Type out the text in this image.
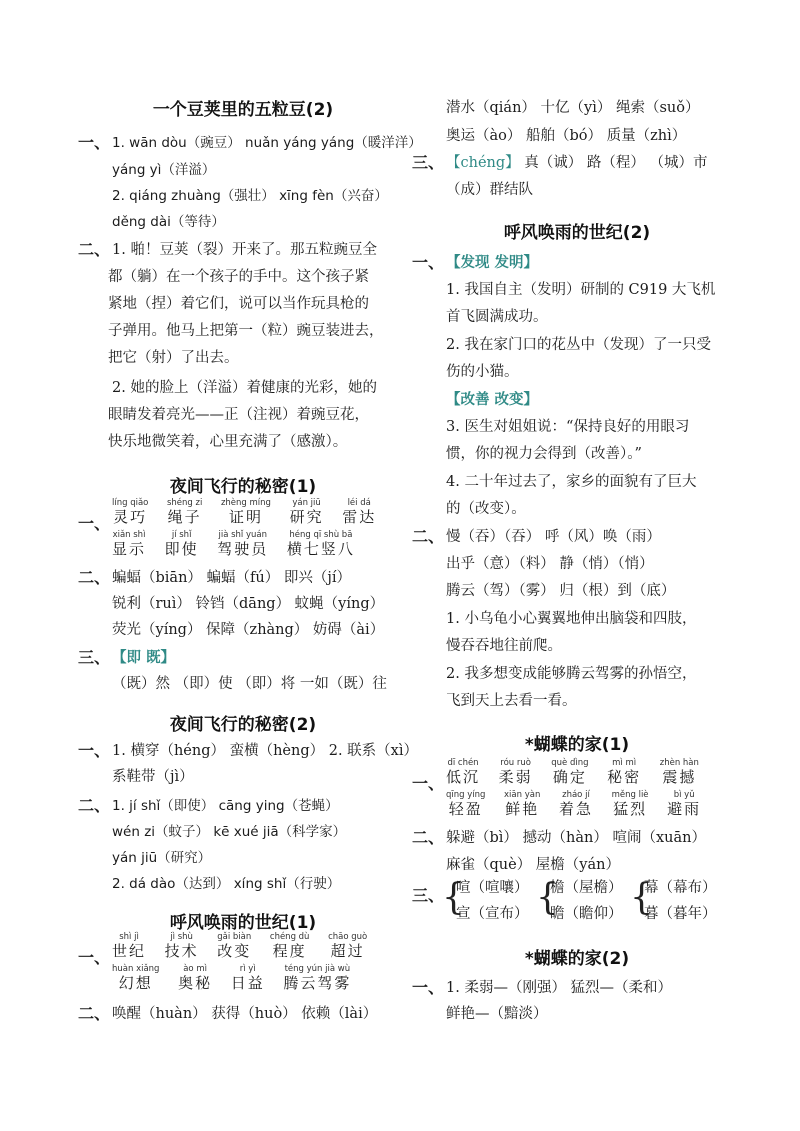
一个豆荚里的五粒豆(2)
一、 1. wān dòu（豌豆） nuǎn yáng yáng（暖洋洋）
yáng yì（洋溢）
2. qiáng zhuàng（强壮） xīng fèn（兴奋）
děng dài（等待）
二、 1. 啪！豆荚（裂）开来了。那五粒豌豆全
都（躺）在一个孩子的手中。这个孩子紧
紧地（捏）着它们，说可以当作玩具枪的
子弹用。他马上把第一（粒）豌豆装进去，
把它（射）了出去。
2. 她的脸上（洋溢）着健康的光彩，她的
眼睛发着亮光——正（注视）着豌豆花，
快乐地微笑着，心里充满了（感激）。
夜间飞行的秘密(1)
一、
líng qiǎo
灵巧

shéng zi
绳子

zhèng míng
证明

yán jiū
研究

léi dá
雷达
xiǎn shì
显示

jí shǐ
即使

jià shǐ yuán
驾驶员

héng qī shù bā
横七竖八
二、 蝙蝠（biān） 蝙蝠（fú） 即兴（jí）
锐利（ruì） 铃铛（dāng） 蚊蝇（yíng）
荧光（yíng） 保障（zhàng） 妨碍（ài）
三、 【即 既】
（既）然 （即）使 （即）将 一如（既）往
夜间飞行的秘密(2)
一、 1. 横穿（héng） 蛮横（hèng） 2. 联系（xì）
系鞋带（jì）
二、 1. jí shǐ（即使） cāng ying（苍蝇）
wén zi（蚊子） kē xué jiā（科学家）
yán jiū（研究）
2. dá dào（达到） xíng shǐ（行驶）
呼风唤雨的世纪(1)
一、
shì jì
世纪

jì shù
技术

gǎi biàn
改变

chéng dù
程度

chāo guò
超过
huàn xiǎng
幻想

ào mì
奥秘

rì yì
日益

téng yún jià wù
腾云驾雾
二、 唤醒（huàn） 获得（huò） 依赖（lài）
潜水（qián） 十亿（yì） 绳索（suǒ）
奥运（ào） 船舶（bó） 质量（zhì）
三、 【chéng】 真（诚） 路（程） （城）市
（成）群结队
呼风唤雨的世纪(2)
一、 【发现 发明】
1. 我国自主（发明）研制的 C919 大飞机
首飞圆满成功。
2. 我在家门口的花丛中（发现）了一只受
伤的小猫。
【改善 改变】
3. 医生对姐姐说：“保持良好的用眼习
惯，你的视力会得到（改善）。”
4. 二十年过去了，家乡的面貌有了巨大
的（改变）。
二、 慢（吞）（吞） 呼（风）唤（雨）
出乎（意）（料） 静（悄）（悄）
腾云（驾）（雾） 归（根）到（底）
1. 小乌龟小心翼翼地伸出脑袋和四肢，
慢吞吞地往前爬。
2. 我多想变成能够腾云驾雾的孙悟空，
飞到天上去看一看。
*蝴蝶的家(1)
一、
dī chén
低沉

róu ruò
柔弱

què dìng
确定

mì mì
秘密

zhèn hàn
震撼
qīng yíng
轻盈

xiān yàn
鲜艳

zháo jí
着急

měng liè
猛烈

bì yǔ
避雨
二、 躲避（bì） 撼动（hàn） 喧闹（xuān）
麻雀（què） 屋檐（yán）
三、
{
喧（喧嚷）
宣（宣布） {
檐（屋檐）
瞻（瞻仰） {
幕（幕布）
暮（暮年）
*蝴蝶的家(2)
一、 1. 柔弱—（刚强） 猛烈—（柔和）
鲜艳—（黯淡）
